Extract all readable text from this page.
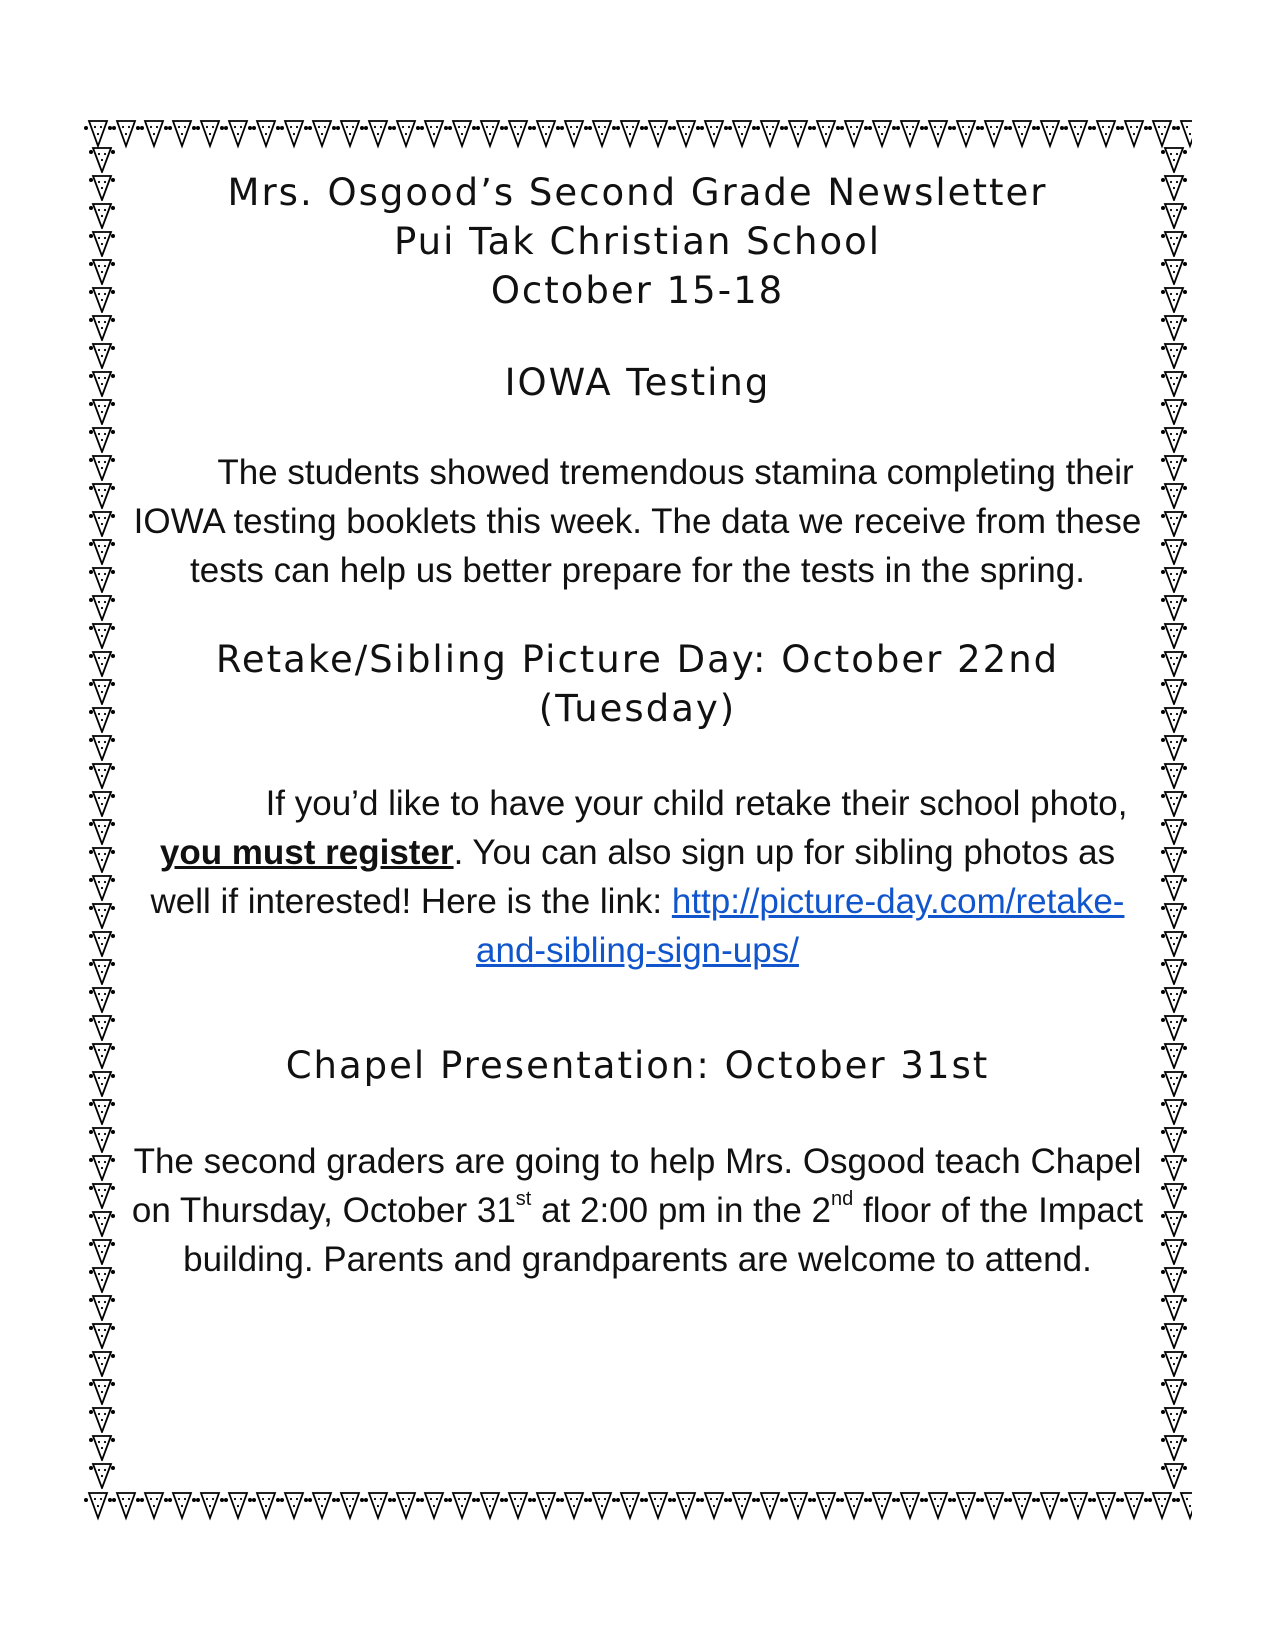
Mrs. Osgood’s Second Grade Newsletter

Pui Tak Christian School

October 15-18

IOWA Testing

The students showed tremendous stamina completing their IOWA testing booklets this week. The data we receive from these tests can help us better prepare for the tests in the spring.

Retake/Sibling Picture Day: October 22nd

(Tuesday)

If you’d like to have your child retake their school photo, you must register. You can also sign up for sibling photos as well if interested! Here is the link: http://picture-day.com/retake-and-sibling-sign-ups/

Chapel Presentation: October 31st

The second graders are going to help Mrs. Osgood teach Chapel on Thursday, October 31st at 2:00 pm in the 2nd floor of the Impact building. Parents and grandparents are welcome to attend.
